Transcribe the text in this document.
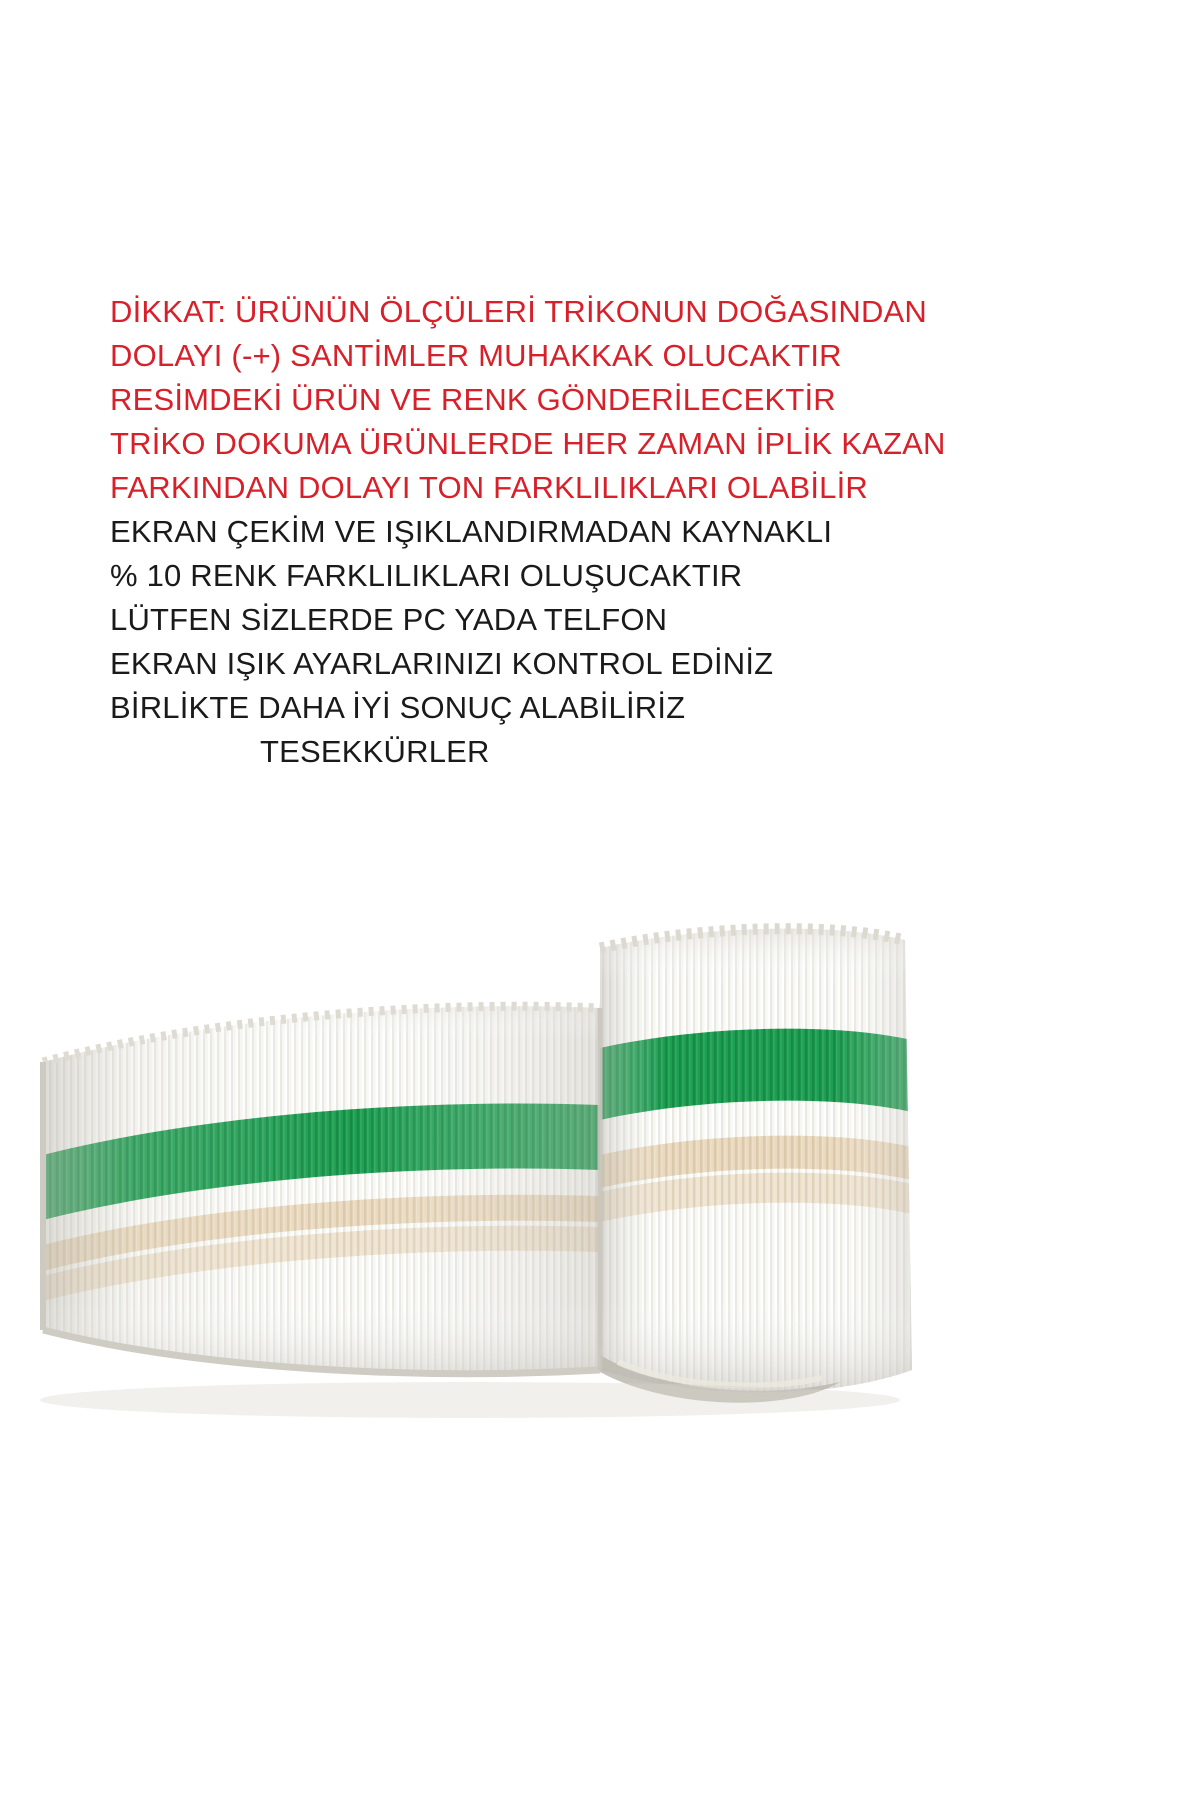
DİKKAT: ÜRÜNÜN ÖLÇÜLERİ TRİKONUN DOĞASINDAN
DOLAYI (-+) SANTİMLER MUHAKKAK OLUCAKTIR
RESİMDEKİ ÜRÜN VE RENK GÖNDERİLECEKTİR
TRİKO DOKUMA ÜRÜNLERDE HER ZAMAN İPLİK KAZAN
FARKINDAN DOLAYI TON FARKLILIKLARI OLABİLİR
EKRAN ÇEKİM VE IŞIKLANDIRMADAN KAYNAKLI
% 10 RENK FARKLILIKLARI OLUŞUCAKTIR
LÜTFEN SİZLERDE PC YADA TELFON
EKRAN IŞIK AYARLARINIZI KONTROL EDİNİZ
BİRLİKTE DAHA İYİ SONUÇ ALABİLİRİZ
TESEKKÜRLER
